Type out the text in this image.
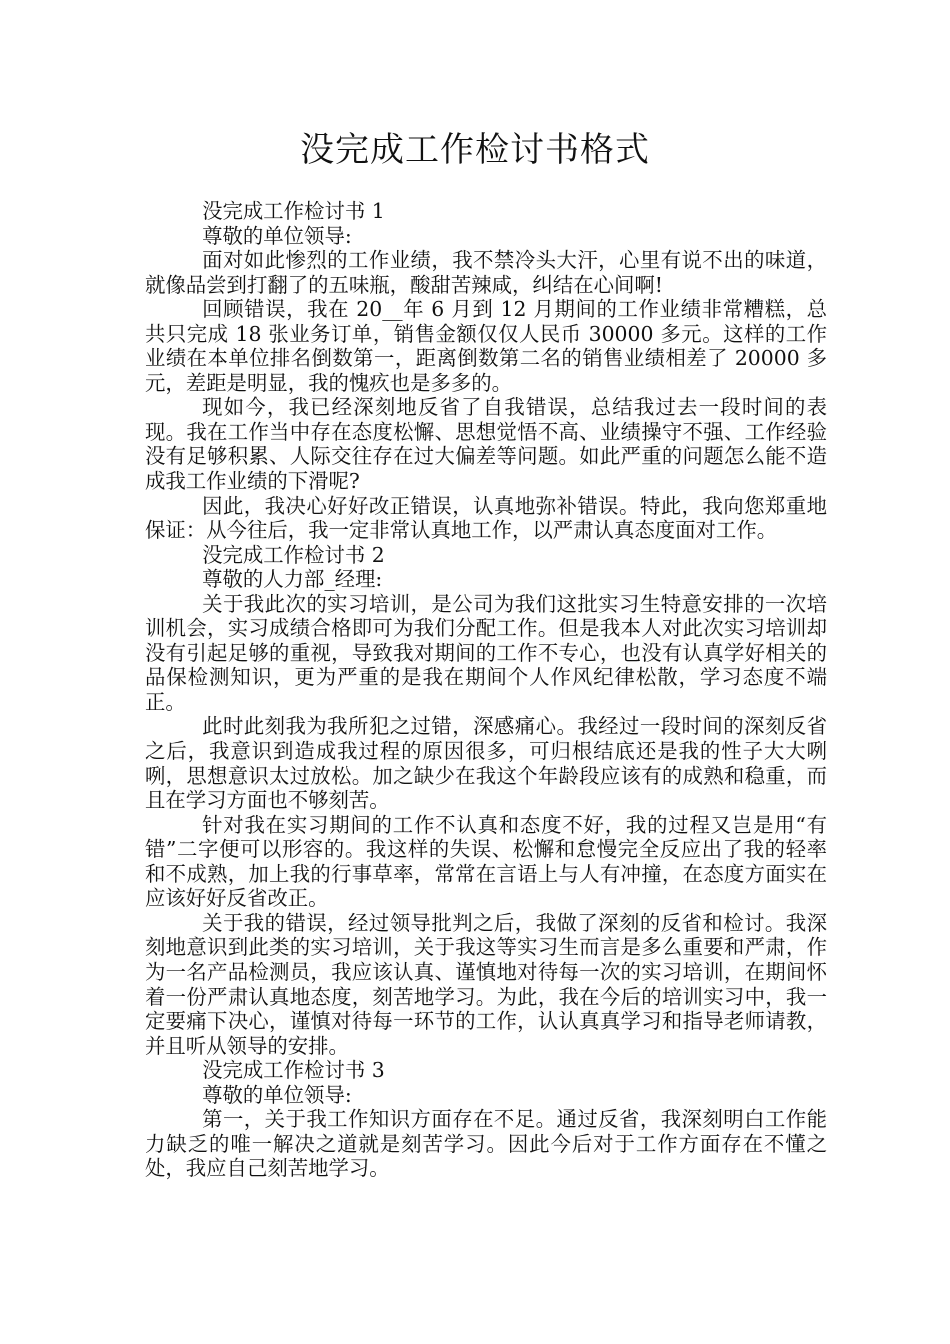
没完成工作检讨书格式

没完成工作检讨书 1

尊敬的单位领导:

面对如此惨烈的工作业绩，我不禁冷头大汗，心里有说不出的味道，就像品尝到打翻了的五味瓶，酸甜苦辣咸，纠结在心间啊!

回顾错误，我在 20__年 6 月到 12 月期间的工作业绩非常糟糕，总共只完成 18 张业务订单，销售金额仅仅人民币 30000 多元。这样的工作业绩在本单位排名倒数第一，距离倒数第二名的销售业绩相差了 20000 多元，差距是明显，我的愧疚也是多多的。

现如今，我已经深刻地反省了自我错误，总结我过去一段时间的表现。我在工作当中存在态度松懈、思想觉悟不高、业绩操守不强、工作经验没有足够积累、人际交往存在过大偏差等问题。如此严重的问题怎么能不造成我工作业绩的下滑呢?

因此，我决心好好改正错误，认真地弥补错误。特此，我向您郑重地保证：从今往后，我一定非常认真地工作，以严肃认真态度面对工作。

没完成工作检讨书 2

尊敬的人力部_经理:

关于我此次的实习培训，是公司为我们这批实习生特意安排的一次培训机会，实习成绩合格即可为我们分配工作。但是我本人对此次实习培训却没有引起足够的重视，导致我对期间的工作不专心，也没有认真学好相关的品保检测知识，更为严重的是我在期间个人作风纪律松散，学习态度不端正。

此时此刻我为我所犯之过错，深感痛心。我经过一段时间的深刻反省之后，我意识到造成我过程的原因很多，可归根结底还是我的性子大大咧咧，思想意识太过放松。加之缺少在我这个年龄段应该有的成熟和稳重，而且在学习方面也不够刻苦。

针对我在实习期间的工作不认真和态度不好，我的过程又岂是用“有错”二字便可以形容的。我这样的失误、松懈和怠慢完全反应出了我的轻率和不成熟，加上我的行事草率，常常在言语上与人有冲撞，在态度方面实在应该好好反省改正。

关于我的错误，经过领导批判之后，我做了深刻的反省和检讨。我深刻地意识到此类的实习培训，关于我这等实习生而言是多么重要和严肃，作为一名产品检测员，我应该认真、谨慎地对待每一次的实习培训，在期间怀着一份严肃认真地态度，刻苦地学习。为此，我在今后的培训实习中，我一定要痛下决心，谨慎对待每一环节的工作，认认真真学习和指导老师请教，并且听从领导的安排。

没完成工作检讨书 3

尊敬的单位领导:

第一，关于我工作知识方面存在不足。通过反省，我深刻明白工作能力缺乏的唯一解决之道就是刻苦学习。因此今后对于工作方面存在不懂之处，我应自己刻苦地学习。
